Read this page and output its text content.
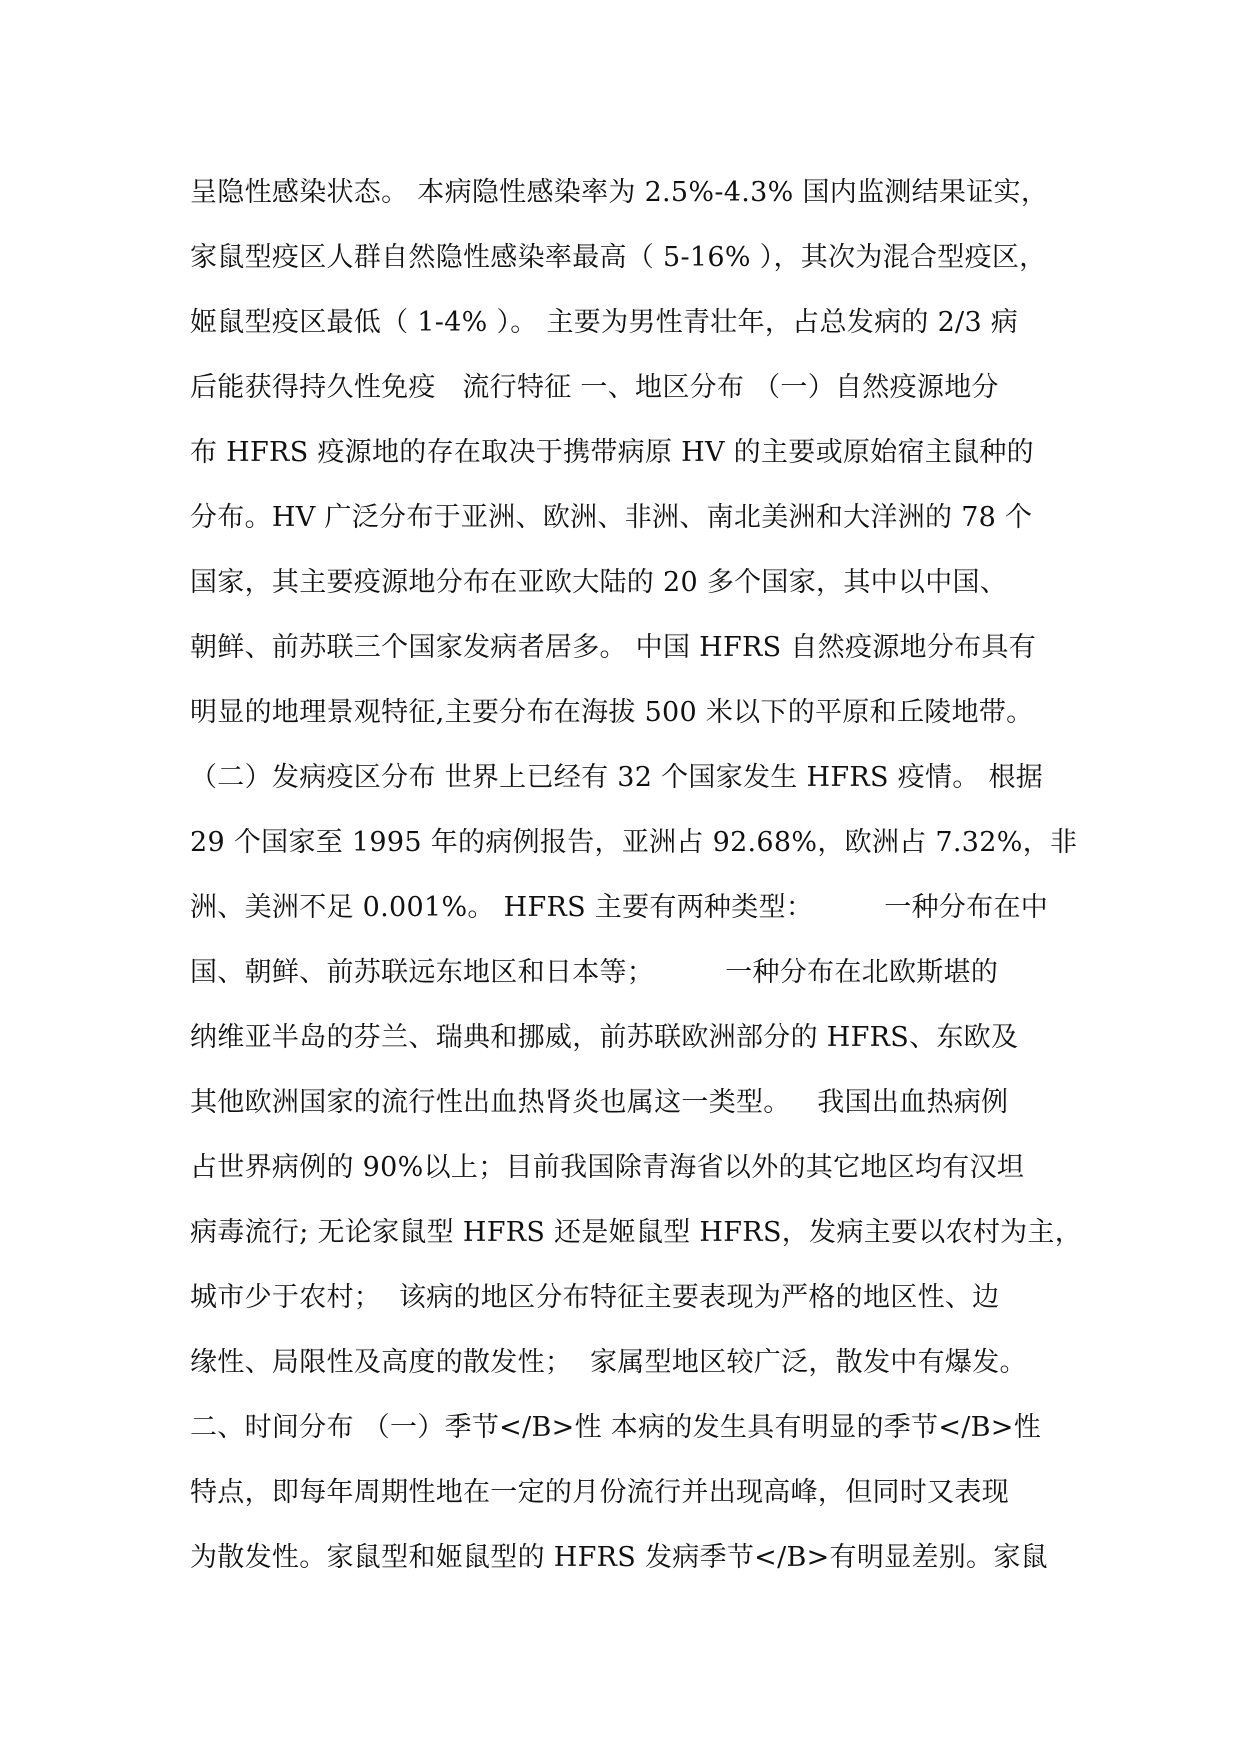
呈隐性感染状态。 本病隐性感染率为 2.5%-4.3% 国内监测结果证实，
家鼠型疫区人群自然隐性感染率最高（ 5-16% ），其次为混合型疫区，
姬鼠型疫区最低（ 1-4% ）。 主要为男性青壮年，占总发病的 2/3 病
后能获得持久性免疫   流行特征 一、地区分布 （一）自然疫源地分
布 HFRS 疫源地的存在取决于携带病原 HV 的主要或原始宿主鼠种的
分布。HV 广泛分布于亚洲、欧洲、非洲、南北美洲和大洋洲的 78 个
国家，其主要疫源地分布在亚欧大陆的 20 多个国家，其中以中国、
朝鲜、前苏联三个国家发病者居多。 中国 HFRS 自然疫源地分布具有
明显的地理景观特征,主要分布在海拔 500 米以下的平原和丘陵地带。
（二）发病疫区分布 世界上已经有 32 个国家发生 HFRS 疫情。 根据
29 个国家至 1995 年的病例报告，亚洲占 92.68%，欧洲占 7.32%，非
洲、美洲不足 0.001%。 HFRS 主要有两种类型：        一种分布在中
国、朝鲜、前苏联远东地区和日本等；        一种分布在北欧斯堪的
纳维亚半岛的芬兰、瑞典和挪威，前苏联欧洲部分的 HFRS、东欧及
其他欧洲国家的流行性出血热肾炎也属这一类型。   我国出血热病例
占世界病例的 90%以上；目前我国除青海省以外的其它地区均有汉坦
病毒流行; 无论家鼠型 HFRS 还是姬鼠型 HFRS，发病主要以农村为主，
城市少于农村；  该病的地区分布特征主要表现为严格的地区性、边
缘性、局限性及高度的散发性；  家属型地区较广泛，散发中有爆发。
二、时间分布 （一）季节</B>性 本病的发生具有明显的季节</B>性
特点，即每年周期性地在一定的月份流行并出现高峰，但同时又表现
为散发性。家鼠型和姬鼠型的 HFRS 发病季节</B>有明显差别。家鼠
